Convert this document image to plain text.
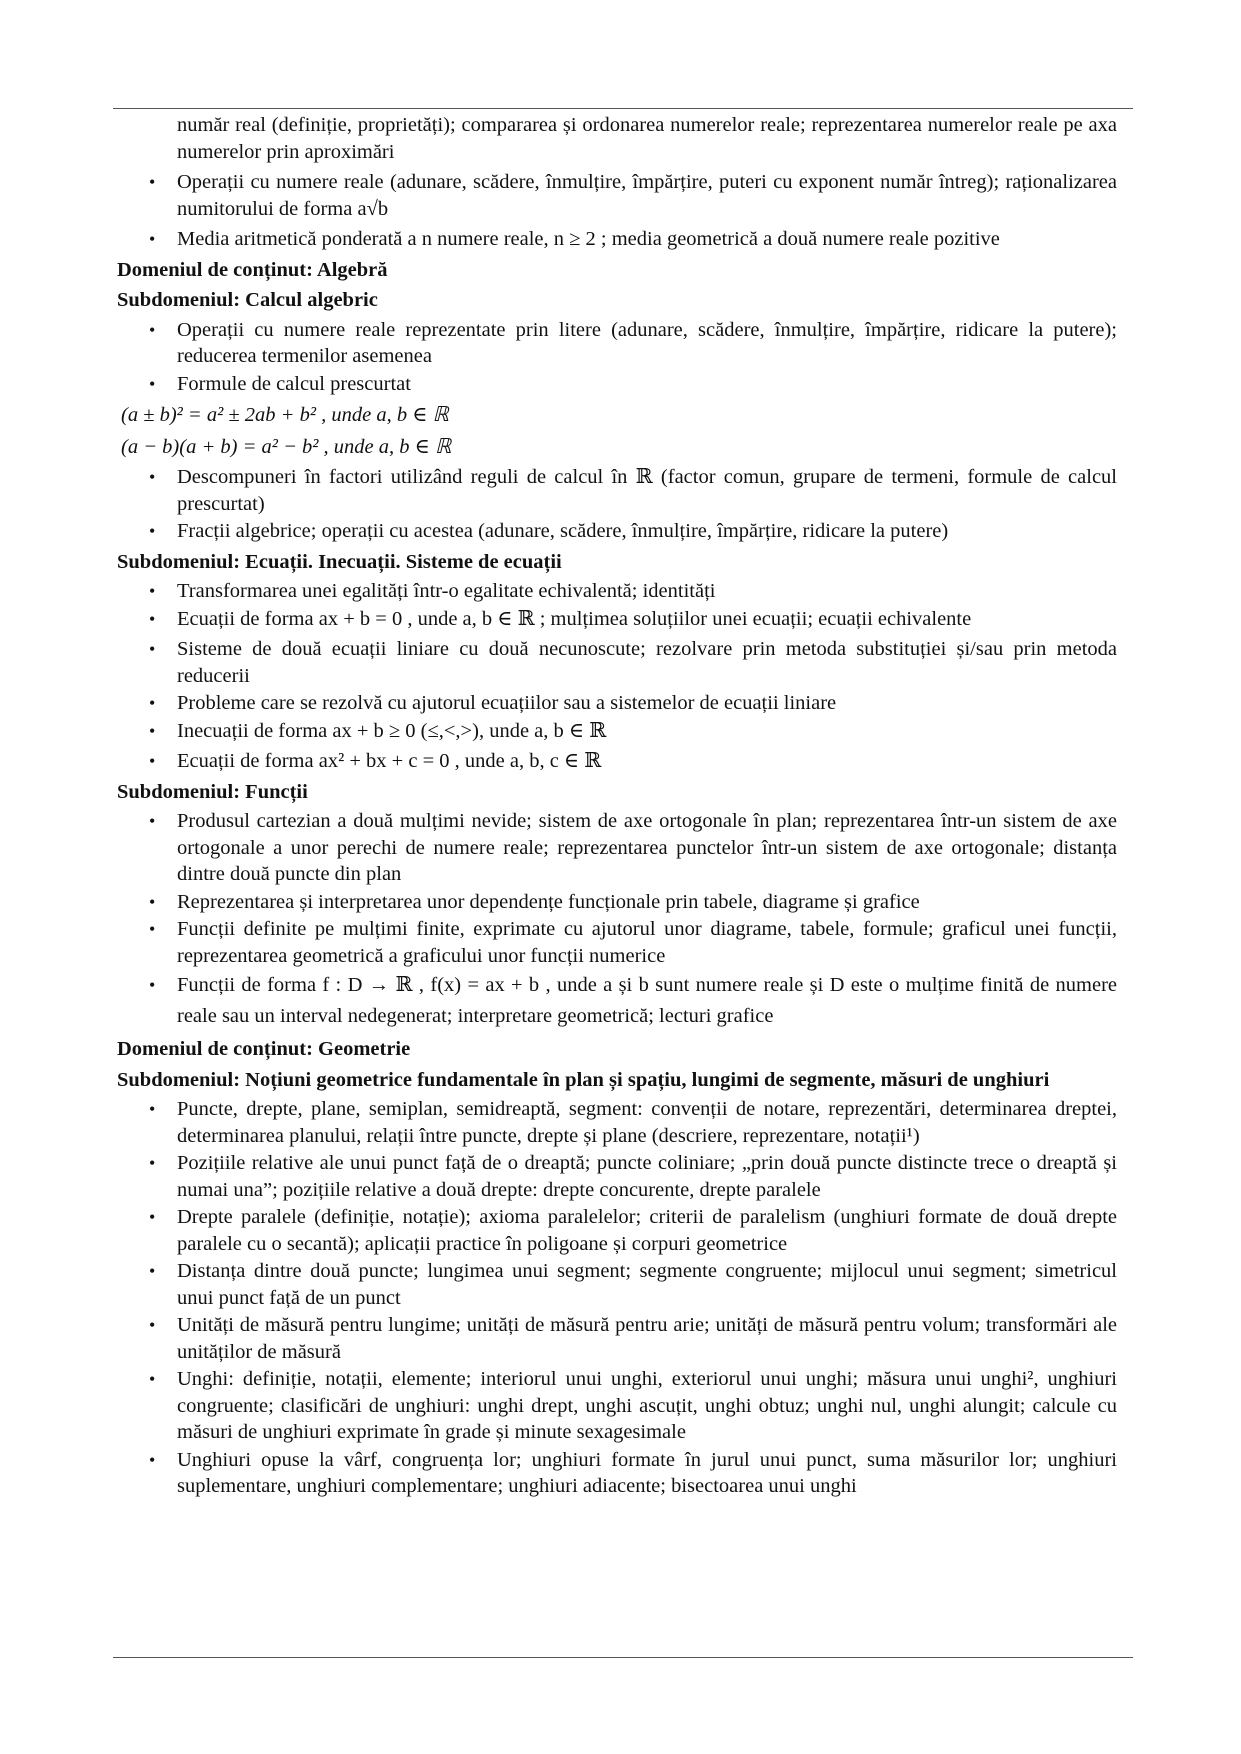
număr real (definiție, proprietăți); compararea și ordonarea numerelor reale; reprezentarea numerelor reale pe axa numerelor prin aproximări

• Operații cu numere reale (adunare, scădere, înmulțire, împărțire, puteri cu exponent număr întreg); raționalizarea numitorului de forma a√b
• Media aritmetică ponderată a n numere reale, n ≥ 2 ; media geometrică a două numere reale pozitive

Domeniul de conținut: Algebră

Subdomeniul: Calcul algebric

• Operații cu numere reale reprezentate prin litere (adunare, scădere, înmulțire, împărțire, ridicare la putere); reducerea termenilor asemenea
• Formule de calcul prescurtat

(a ± b)² = a² ± 2ab + b² , unde a, b ∈ ℝ

(a − b)(a + b) = a² − b² , unde a, b ∈ ℝ

• Descompuneri în factori utilizând reguli de calcul în ℝ (factor comun, grupare de termeni, formule de calcul prescurtat)
• Fracții algebrice; operații cu acestea (adunare, scădere, înmulțire, împărțire, ridicare la putere)

Subdomeniul: Ecuații. Inecuații. Sisteme de ecuații

• Transformarea unei egalități într-o egalitate echivalentă; identități
• Ecuații de forma ax + b = 0 , unde a, b ∈ ℝ ; mulțimea soluțiilor unei ecuații; ecuații echivalente
• Sisteme de două ecuații liniare cu două necunoscute; rezolvare prin metoda substituției și/sau prin metoda reducerii
• Probleme care se rezolvă cu ajutorul ecuațiilor sau a sistemelor de ecuații liniare
• Inecuații de forma ax + b ≥ 0 (≤,<,>), unde a, b ∈ ℝ
• Ecuații de forma ax² + bx + c = 0 , unde a, b, c ∈ ℝ

Subdomeniul: Funcții

• Produsul cartezian a două mulțimi nevide; sistem de axe ortogonale în plan; reprezentarea într-un sistem de axe ortogonale a unor perechi de numere reale; reprezentarea punctelor într-un sistem de axe ortogonale; distanța dintre două puncte din plan
• Reprezentarea și interpretarea unor dependențe funcționale prin tabele, diagrame și grafice
• Funcții definite pe mulțimi finite, exprimate cu ajutorul unor diagrame, tabele, formule; graficul unei funcții, reprezentarea geometrică a graficului unor funcții numerice
• Funcții de forma f : D → ℝ , f(x) = ax + b , unde a și b sunt numere reale și D este o mulțime finită de numere reale sau un interval nedegenerat; interpretare geometrică; lecturi grafice

Domeniul de conținut: Geometrie

Subdomeniul: Noțiuni geometrice fundamentale în plan și spațiu, lungimi de segmente, măsuri de unghiuri

• Puncte, drepte, plane, semiplan, semidreaptă, segment: convenții de notare, reprezentări, determinarea dreptei, determinarea planului, relații între puncte, drepte și plane (descriere, reprezentare, notații¹)
• Pozițiile relative ale unui punct față de o dreaptă; puncte coliniare; „prin două puncte distincte trece o dreaptă și numai una”; pozițiile relative a două drepte: drepte concurente, drepte paralele
• Drepte paralele (definiție, notație); axioma paralelelor; criterii de paralelism (unghiuri formate de două drepte paralele cu o secantă); aplicații practice în poligoane și corpuri geometrice
• Distanța dintre două puncte; lungimea unui segment; segmente congruente; mijlocul unui segment; simetricul unui punct față de un punct
• Unități de măsură pentru lungime; unități de măsură pentru arie; unități de măsură pentru volum; transformări ale unităților de măsură
• Unghi: definiție, notații, elemente; interiorul unui unghi, exteriorul unui unghi; măsura unui unghi², unghiuri congruente; clasificări de unghiuri: unghi drept, unghi ascuțit, unghi obtuz; unghi nul, unghi alungit; calcule cu măsuri de unghiuri exprimate în grade și minute sexagesimale
• Unghiuri opuse la vârf, congruența lor; unghiuri formate în jurul unui punct, suma măsurilor lor; unghiuri suplementare, unghiuri complementare; unghiuri adiacente; bisectoarea unui unghi
